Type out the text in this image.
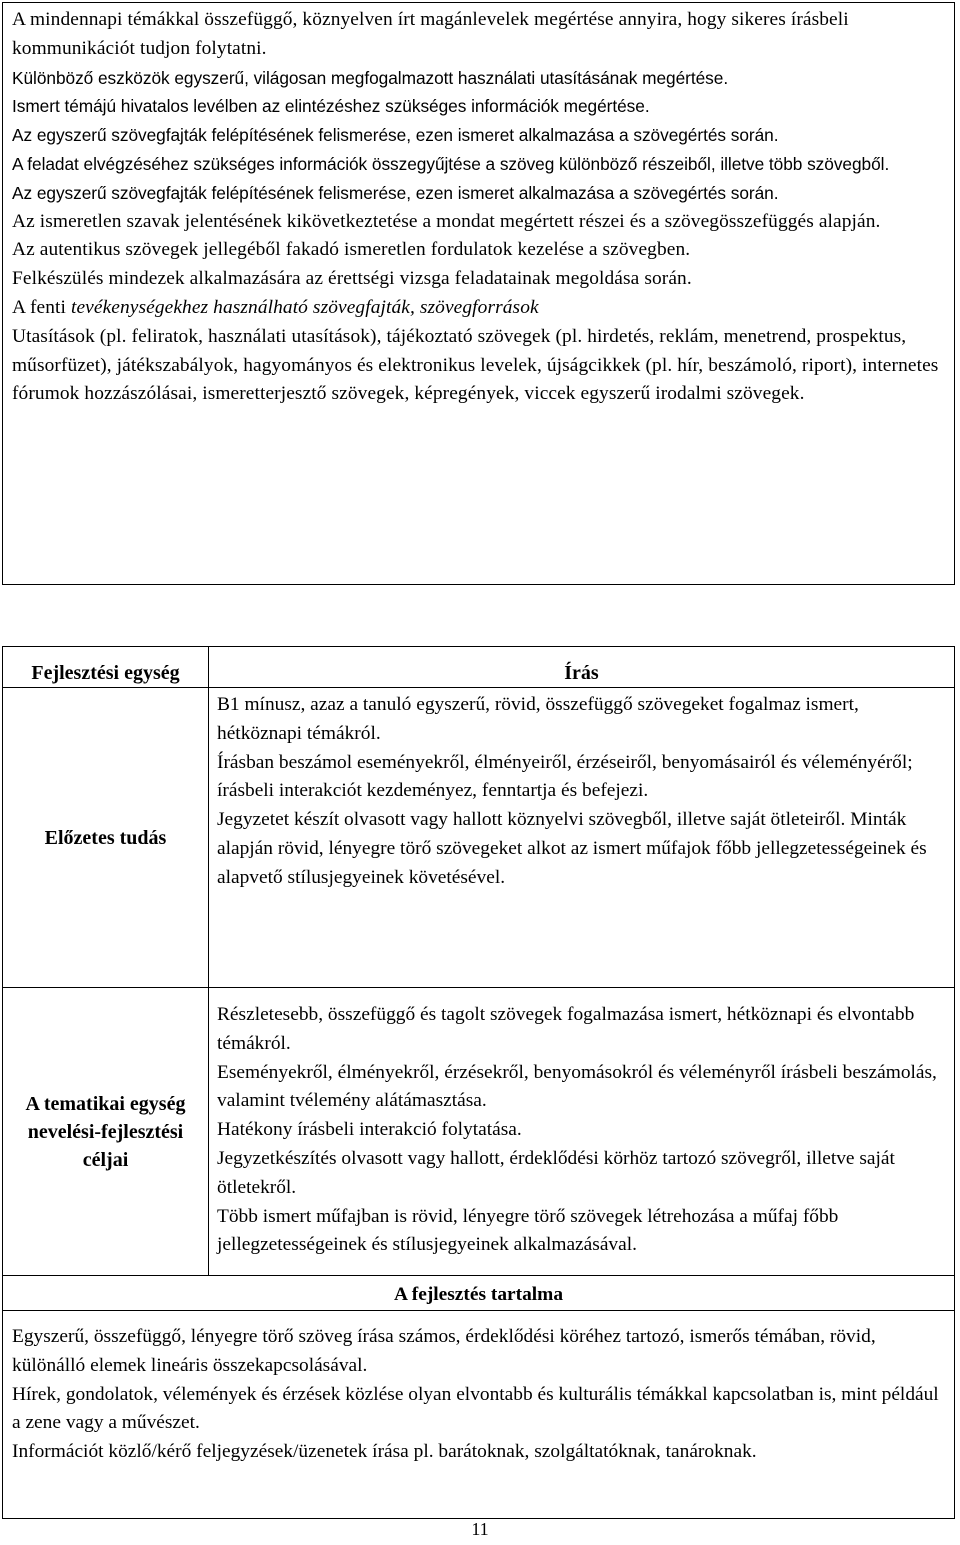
A mindennapi témákkal összefüggő, köznyelven írt magánlevelek megértése annyira, hogy sikeres írásbeli kommunikációt tudjon folytatni.

Különböző eszközök egyszerű, világosan megfogalmazott használati utasításának megértése.

Ismert témájú hivatalos levélben az elintézéshez szükséges információk megértése.

Az egyszerű szövegfajták felépítésének felismerése, ezen ismeret alkalmazása a szövegértés során.

A feladat elvégzéséhez szükséges információk összegyűjtése a szöveg különböző részeiből, illetve több szövegből.

Az egyszerű szövegfajták felépítésének felismerése, ezen ismeret alkalmazása a szövegértés során.

Az ismeretlen szavak jelentésének kikövetkeztetése a mondat megértett részei és a szövegösszefüggés alapján.

Az autentikus szövegek jellegéből fakadó ismeretlen fordulatok kezelése a szövegben.

Felkészülés mindezek alkalmazására az érettségi vizsga feladatainak megoldása során.

A fenti tevékenységekhez használható szövegfajták, szövegforrások

Utasítások (pl. feliratok, használati utasítások), tájékoztató szövegek (pl. hirdetés, reklám, menetrend, prospektus, műsorfüzet), játékszabályok, hagyományos és elektronikus levelek, újságcikkek (pl. hír, beszámoló, riport), internetes fórumok hozzászólásai, ismeretterjesztő szövegek, képregények, viccek egyszerű irodalmi szövegek.

Fejlesztési egység	Írás

Előzetes tudás	B1 mínusz, azaz a tanuló egyszerű, rövid, összefüggő szövegeket fogalmaz ismert, hétköznapi témákról.

Írásban beszámol eseményekről, élményeiről, érzéseiről, benyomásairól és véleményéről; írásbeli interakciót kezdeményez, fenntartja és befejezi.

Jegyzetet készít olvasott vagy hallott köznyelvi szövegből, illetve saját ötleteiről. Minták alapján rövid, lényegre törő szövegeket alkot az ismert műfajok főbb jellegzetességeinek és alapvető stílusjegyeinek követésével.

A tematikai egység nevelési-fejlesztési céljai	Részletesebb, összefüggő és tagolt szövegek fogalmazása ismert, hétköznapi és elvontabb témákról.

Eseményekről, élményekről, érzésekről, benyomásokról és véleményről írásbeli beszámolás, valamint tvélemény alátámasztása.

Hatékony írásbeli interakció folytatása.

Jegyzetkészítés olvasott vagy hallott, érdeklődési körhöz tartozó szövegről, illetve saját ötletekről.

Több ismert műfajban is rövid, lényegre törő szövegek létrehozása a műfaj főbb jellegzetességeinek és stílusjegyeinek alkalmazásával.

A fejlesztés tartalma	

Egyszerű, összefüggő, lényegre törő szöveg írása számos, érdeklődési köréhez tartozó, ismerős témában, rövid, különálló elemek lineáris összekapcsolásával.

Hírek, gondolatok, vélemények és érzések közlése olyan elvontabb és kulturális témákkal kapcsolatban is, mint például a zene vagy a művészet.

Információt közlő/kérő feljegyzések/üzenetek írása pl. barátoknak, szolgáltatóknak, tanároknak.	

11
